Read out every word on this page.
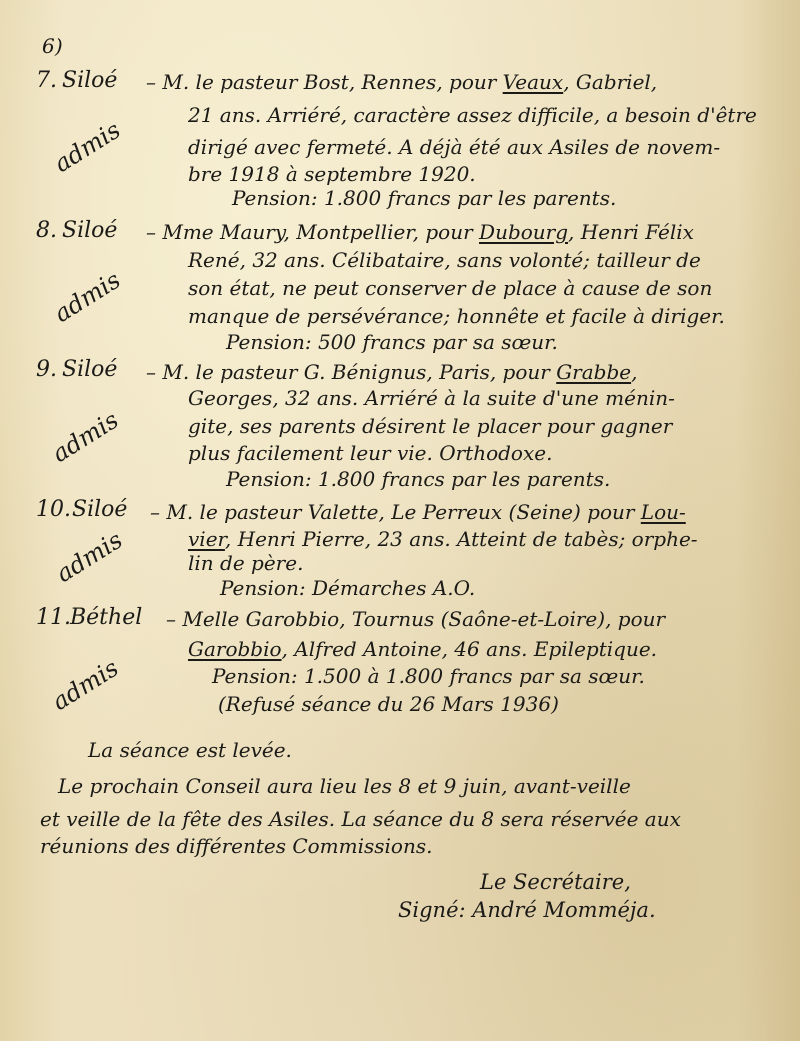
6)
7. Siloé – M. le pasteur Bost, Rennes, pour Veaux, Gabriel,
21 ans. Arriéré, caractère assez difficile, a besoin d'être
dirigé avec fermeté. A déjà été aux Asiles de novem-
bre 1918 à septembre 1920.
Pension: 1.800 francs par les parents.
admis
8. Siloé – Mme Maury, Montpellier, pour Dubourg, Henri Félix
René, 32 ans. Célibataire, sans volonté; tailleur de
son état, ne peut conserver de place à cause de son
manque de persévérance; honnête et facile à diriger.
Pension: 500 francs par sa sœur.
admis
9. Siloé – M. le pasteur G. Bénignus, Paris, pour Grabbe,
Georges, 32 ans. Arriéré à la suite d'une ménin-
gite, ses parents désirent le placer pour gagner
plus facilement leur vie. Orthodoxe.
Pension: 1.800 francs par les parents.
admis
10. Siloé – M. le pasteur Valette, Le Perreux (Seine) pour Lou-
vier, Henri Pierre, 23 ans. Atteint de tabès; orphe-
lin de père.
Pension: Démarches A.O.
admis
11. Béthel – Melle Garobbio, Tournus (Saône-et-Loire), pour
Garobbio, Alfred Antoine, 46 ans. Epileptique.
Pension: 1.500 à 1.800 francs par sa sœur.
(Refusé séance du 26 Mars 1936)
admis
La séance est levée.
Le prochain Conseil aura lieu les 8 et 9 juin, avant-veille
et veille de la fête des Asiles. La séance du 8 sera réservée aux
réunions des différentes Commissions.
Le Secrétaire,
Signé: André Momméja.
